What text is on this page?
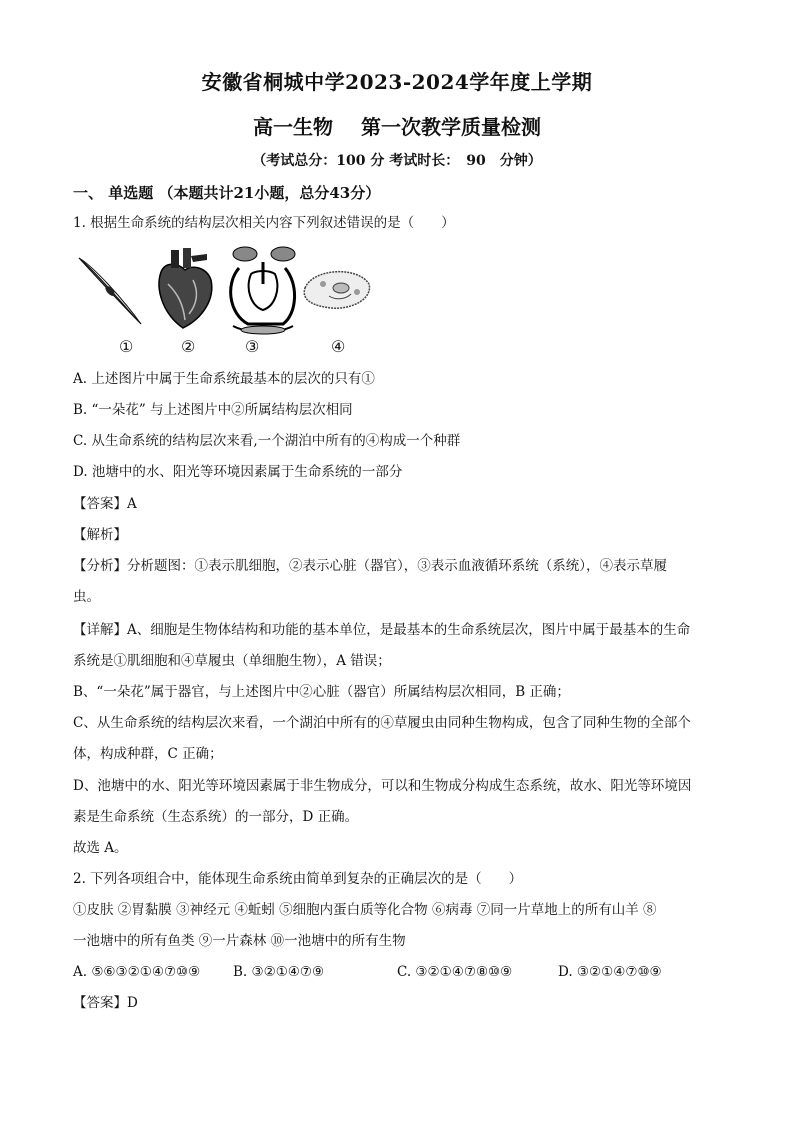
安徽省桐城中学2023-2024学年度上学期
高一生物 第一次教学质量检测
（考试总分：100 分 考试时长：　90　分钟）
一、 单选题 （本题共计21小题，总分43分）
1. 根据生命系统的结构层次相关内容下列叙述错误的是（　　）
①	②	③	④
A. 上述图片中属于生命系统最基本的层次的只有①
B. “一朵花” 与上述图片中②所属结构层次相同
C. 从生命系统的结构层次来看,一个湖泊中所有的④构成一个种群
D. 池塘中的水、阳光等环境因素属于生命系统的一部分
【答案】A
【解析】
【分析】分析题图：①表示肌细胞，②表示心脏（器官），③表示血液循环系统（系统），④表示草履
虫。
【详解】A、细胞是生物体结构和功能的基本单位，是最基本的生命系统层次，图片中属于最基本的生命
系统是①肌细胞和④草履虫（单细胞生物），A 错误；
B、“一朵花”属于器官，与上述图片中②心脏（器官）所属结构层次相同，B 正确；
C、从生命系统的结构层次来看，一个湖泊中所有的④草履虫由同种生物构成，包含了同种生物的全部个
体，构成种群，C 正确；
D、池塘中的水、阳光等环境因素属于非生物成分，可以和生物成分构成生态系统，故水、阳光等环境因
素是生命系统（生态系统）的一部分，D 正确。
故选 A。
2. 下列各项组合中，能体现生命系统由简单到复杂的正确层次的是（　　）
①皮肤 ②胃黏膜 ③神经元 ④蚯蚓 ⑤细胞内蛋白质等化合物 ⑥病毒 ⑦同一片草地上的所有山羊 ⑧
一池塘中的所有鱼类 ⑨一片森林 ⑩一池塘中的所有生物
A. ⑤⑥③②①④⑦⑩⑨ B. ③②①④⑦⑨	C. ③②①④⑦⑧⑩⑨	D. ③②①④⑦⑩⑨
【答案】D
